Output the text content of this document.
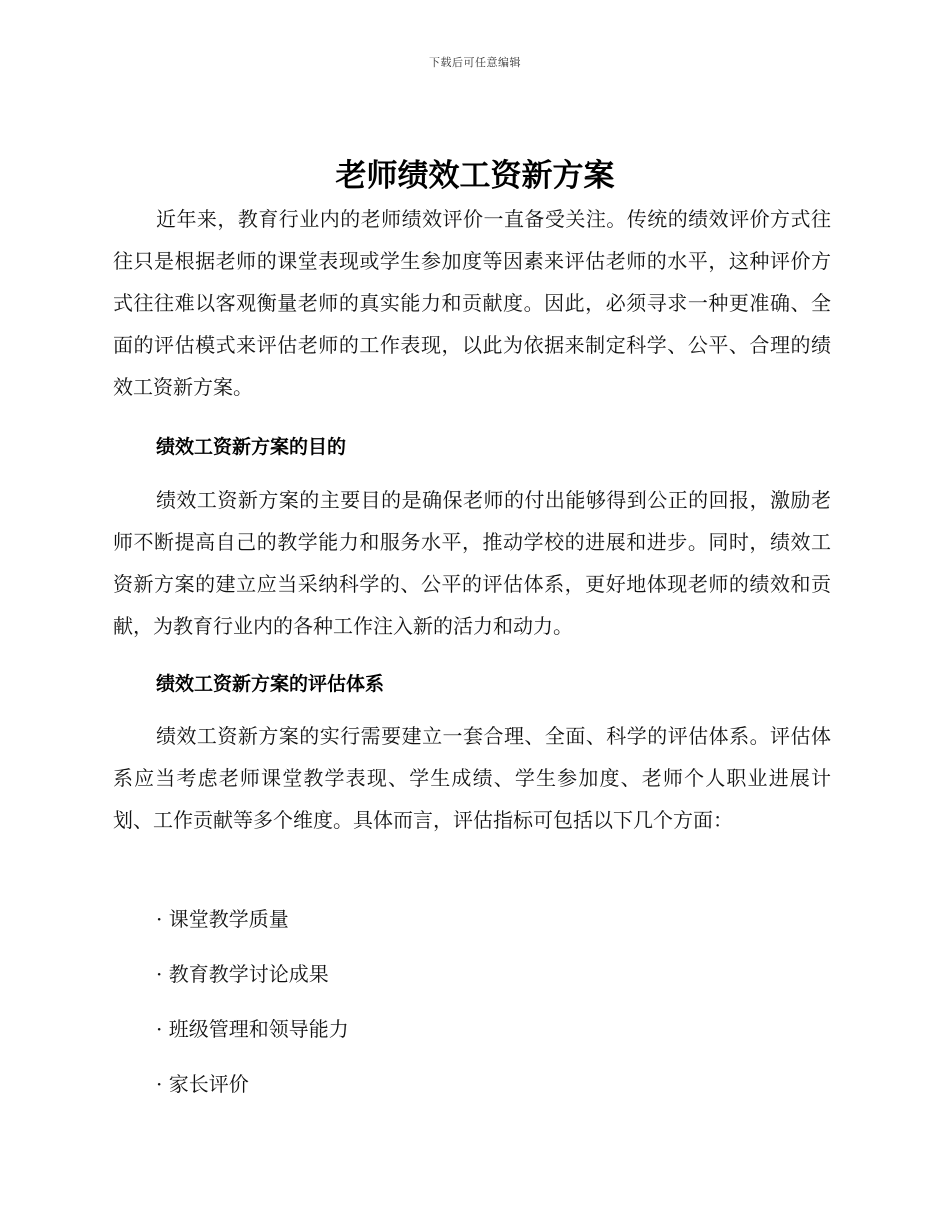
下载后可任意编辑
老师绩效工资新方案

近年来，教育行业内的老师绩效评价一直备受关注。传统的绩效评价方式往往只是根据老师的课堂表现或学生参加度等因素来评估老师的水平，这种评价方式往往难以客观衡量老师的真实能力和贡献度。因此，必须寻求一种更准确、全面的评估模式来评估老师的工作表现，以此为依据来制定科学、公平、合理的绩效工资新方案。

绩效工资新方案的目的

绩效工资新方案的主要目的是确保老师的付出能够得到公正的回报，激励老师不断提高自己的教学能力和服务水平，推动学校的进展和进步。同时，绩效工资新方案的建立应当采纳科学的、公平的评估体系，更好地体现老师的绩效和贡献，为教育行业内的各种工作注入新的活力和动力。

绩效工资新方案的评估体系

绩效工资新方案的实行需要建立一套合理、全面、科学的评估体系。评估体系应当考虑老师课堂教学表现、学生成绩、学生参加度、老师个人职业进展计划、工作贡献等多个维度。具体而言，评估指标可包括以下几个方面：

· 课堂教学质量

· 教育教学讨论成果

· 班级管理和领导能力

· 家长评价
